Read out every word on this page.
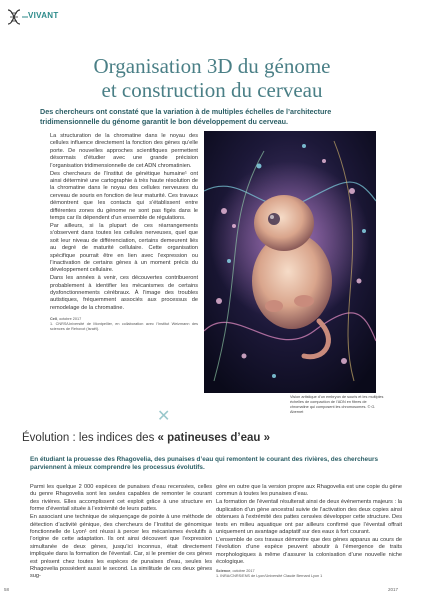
VIVANT
Organisation 3D du génome
et construction du cerveau
Des chercheurs ont constaté que la variation à de multiples échelles de l’architecture tridimensionnelle du génome garantit le bon développement du cerveau.

La structuration de la chromatine dans le noyau des cellules influence directement la fonction des gènes qu’elle porte. De nouvelles approches scientifiques permettent désormais d’étudier avec une grande précision l’organisation tridimensionnelle de cet ADN chromatinien.

Des chercheurs de l’Institut de génétique humaine¹ ont ainsi déterminé une cartographie à très haute résolution de la chromatine dans le noyau des cellules nerveuses du cerveau de souris en fonction de leur maturité. Ces travaux démontrent que les contacts qui s’établissent entre différentes zones du génome ne sont pas figés dans le temps car ils dépendent d’un ensemble de régulations.

Par ailleurs, si la plupart de ces réarrangements s’observent dans toutes les cellules nerveuses, quel que soit leur niveau de différenciation, certains demeurent liés au degré de maturité cellulaire. Cette organisation spécifique pourrait être en lien avec l’expression ou l’inactivation de certains gènes à un moment précis du développement cellulaire.

Dans les années à venir, ces découvertes contribueront probablement à identifier les mécanismes de certains dysfonctionnements cérébraux. À l’image des troubles autistiques, fréquemment associés aux processus de remodelage de la chromatine.

Cell, octobre 2017
1. CNRS/Université de Montpellier, en collaboration avec l’Institut Weizmann des sciences de Rehovot (Israël).
Vision artistique d’un embryon de souris et les multiples échelles de compaction de l’ADN en fibres de chromatine qui composent les chromosomes. © G. Abernet
✕
Évolution : les indices des « patineuses d’eau »
En étudiant la prouesse des Rhagovelia, des punaises d’eau qui remontent le courant des rivières, des chercheurs parviennent à mieux comprendre les processus évolutifs.

Parmi les quelque 2 000 espèces de punaises d’eau recensées, celles du genre Rhagovelia sont les seules capables de remonter le courant des rivières. Elles accomplissent cet exploit grâce à une structure en forme d’éventail située à l’extrémité de leurs pattes.

En associant une technique de séquençage de pointe à une méthode de détection d’activité génique, des chercheurs de l’Institut de génomique fonctionnelle de Lyon¹ ont réussi à percer les mécanismes évolutifs à l’origine de cette adaptation. Ils ont ainsi découvert que l’expression simultanée de deux gènes, jusqu’ici inconnus, était directement impliquée dans la formation de l’éventail. Car, si le premier de ces gènes est présent chez toutes les espèces de punaises d’eau, seules les Rhagovelia possèdent aussi le second. La similitude de ces deux gènes sug-

gère en outre que la version propre aux Rhagovelia est une copie du gène commun à toutes les punaises d’eau.

La formation de l’éventail résulterait ainsi de deux événements majeurs : la duplication d’un gène ancestral suivie de l’activation des deux copies ainsi obtenues à l’extrémité des pattes censées développer cette structure. Des tests en milieu aquatique ont par ailleurs confirmé que l’éventail offrait uniquement un avantage adaptatif sur des eaux à fort courant.

L’ensemble de ces travaux démontre que des gènes apparus au cours de l’évolution d’une espèce peuvent aboutir à l’émergence de traits morphologiques à même d’assurer la colonisation d’une nouvelle niche écologique.

Science, octobre 2017
1. INRA/CNRS/ENS de Lyon/Université Claude Bernard Lyon 1
58	2017
